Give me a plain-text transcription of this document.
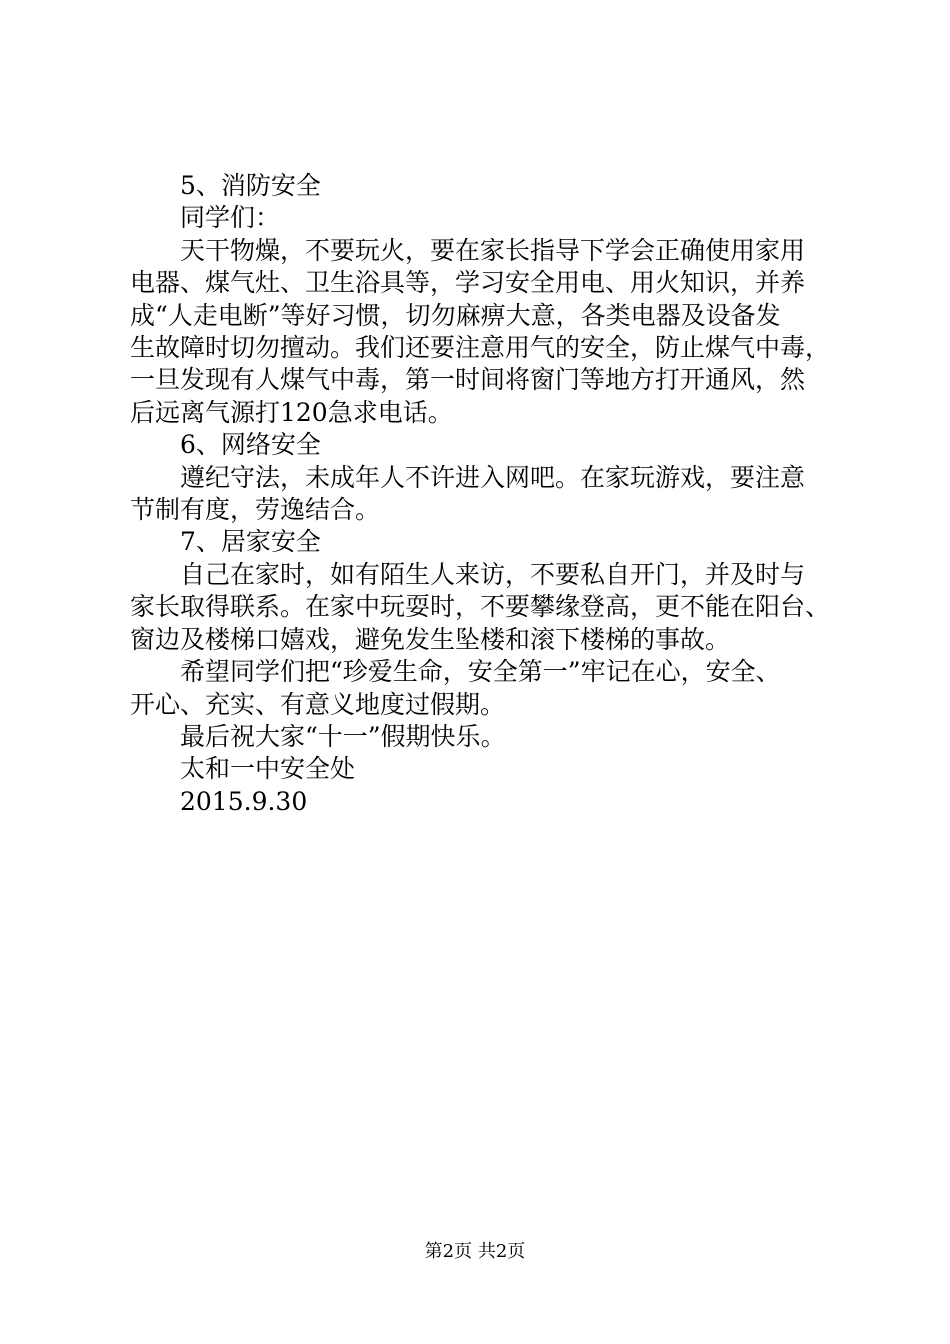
5、消防安全

同学们：

天干物燥，不要玩火，要在家长指导下学会正确使用家用

电器、煤气灶、卫生浴具等，学习安全用电、用火知识，并养

成“人走电断”等好习惯，切勿麻痹大意，各类电器及设备发

生故障时切勿擅动。我们还要注意用气的安全，防止煤气中毒，

一旦发现有人煤气中毒，第一时间将窗门等地方打开通风，然

后远离气源打120急求电话。

6、网络安全

遵纪守法，未成年人不许进入网吧。在家玩游戏，要注意

节制有度，劳逸结合。

7、居家安全

自己在家时，如有陌生人来访，不要私自开门，并及时与

家长取得联系。在家中玩耍时，不要攀缘登高，更不能在阳台、

窗边及楼梯口嬉戏，避免发生坠楼和滚下楼梯的事故。

希望同学们把“珍爱生命，安全第一”牢记在心，安全、

开心、充实、有意义地度过假期。

最后祝大家“十一”假期快乐。

太和一中安全处

2015.9.30

第2页 共2页
